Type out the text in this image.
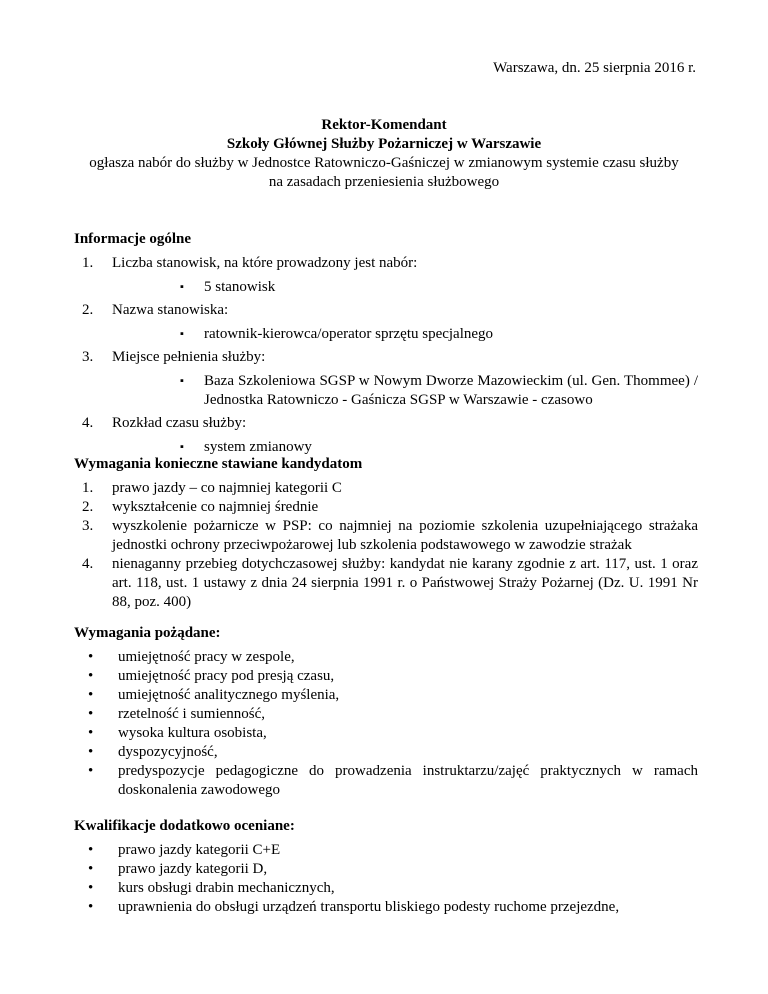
Warszawa, dn. 25 sierpnia 2016 r.
Rektor-Komendant
Szkoły Głównej Służby Pożarniczej w Warszawie
ogłasza nabór do służby w Jednostce Ratowniczo-Gaśniczej w zmianowym systemie czasu służby
na zasadach przeniesienia służbowego
Informacje ogólne
1. Liczba stanowisk, na które prowadzony jest nabór:
▪ 5 stanowisk
2. Nazwa stanowiska:
▪ ratownik-kierowca/operator sprzętu specjalnego
3. Miejsce pełnienia służby:
▪ Baza Szkoleniowa SGSP w Nowym Dworze Mazowieckim (ul. Gen. Thommee) / Jednostka Ratowniczo - Gaśnicza SGSP w Warszawie - czasowo
4. Rozkład czasu służby:
▪ system zmianowy
Wymagania konieczne stawiane kandydatom
1. prawo jazdy – co najmniej kategorii C
2. wykształcenie co najmniej średnie
3. wyszkolenie pożarnicze w PSP: co najmniej na poziomie szkolenia uzupełniającego strażaka jednostki ochrony przeciwpożarowej lub szkolenia podstawowego w zawodzie strażak
4. nienaganny przebieg dotychczasowej służby: kandydat nie karany zgodnie z art. 117, ust. 1 oraz art. 118, ust. 1 ustawy z dnia 24 sierpnia 1991 r. o Państwowej Straży Pożarnej (Dz. U. 1991 Nr 88, poz. 400)
Wymagania pożądane:
• umiejętność pracy w zespole,
• umiejętność pracy pod presją czasu,
• umiejętność analitycznego myślenia,
• rzetelność i sumienność,
• wysoka kultura osobista,
• dyspozycyjność,
• predyspozycje pedagogiczne do prowadzenia instruktarzu/zajęć praktycznych w ramach doskonalenia zawodowego
Kwalifikacje dodatkowo oceniane:
• prawo jazdy kategorii C+E
• prawo jazdy kategorii D,
• kurs obsługi drabin mechanicznych,
• uprawnienia do obsługi urządzeń transportu bliskiego podesty ruchome przejezdne,
